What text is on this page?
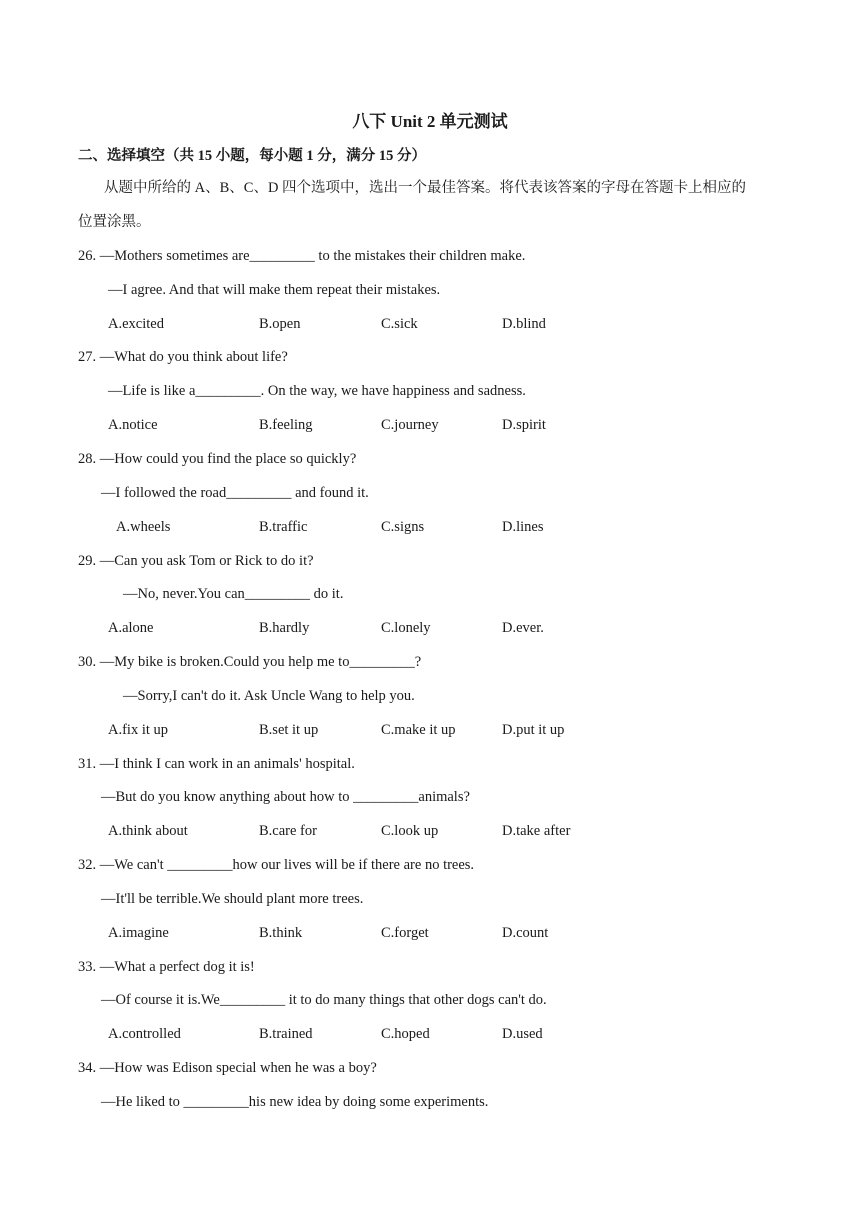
八下 Unit 2 单元测试
二、选择填空（共 15 小题，每小题 1 分，满分 15 分）
从题中所给的 A、B、C、D 四个选项中，选出一个最佳答案。将代表该答案的字母在答题卡上相应的
位置涂黑。
26. —Mothers sometimes are_________ to the mistakes their children make.
—I agree. And that will make them repeat their mistakes.
A.excited	B.open	C.sick	D.blind
27. —What do you think about life?
—Life is like a_________. On the way, we have happiness and sadness.
A.notice	B.feeling	C.journey	D.spirit
28. —How could you find the place so quickly?
—I followed the road_________ and found it.
A.wheels	B.traffic	C.signs	D.lines
29. —Can you ask Tom or Rick to do it?
—No, never.You can_________ do it.
A.alone	B.hardly	C.lonely	D.ever.
30. —My bike is broken.Could you help me to_________?
—Sorry,I can't do it. Ask Uncle Wang to help you.
A.fix it up	B.set it up	C.make it up	D.put it up
31. —I think I can work in an animals' hospital.
—But do you know anything about how to _________animals?
A.think about	B.care for	C.look up	D.take after
32. —We can't _________how our lives will be if there are no trees.
—It'll be terrible.We should plant more trees.
A.imagine	B.think	C.forget	D.count
33. —What a perfect dog it is!
—Of course it is.We_________ it to do many things that other dogs can't do.
A.controlled	B.trained	C.hoped	D.used
34. —How was Edison special when he was a boy?
—He liked to _________his new idea by doing some experiments.
